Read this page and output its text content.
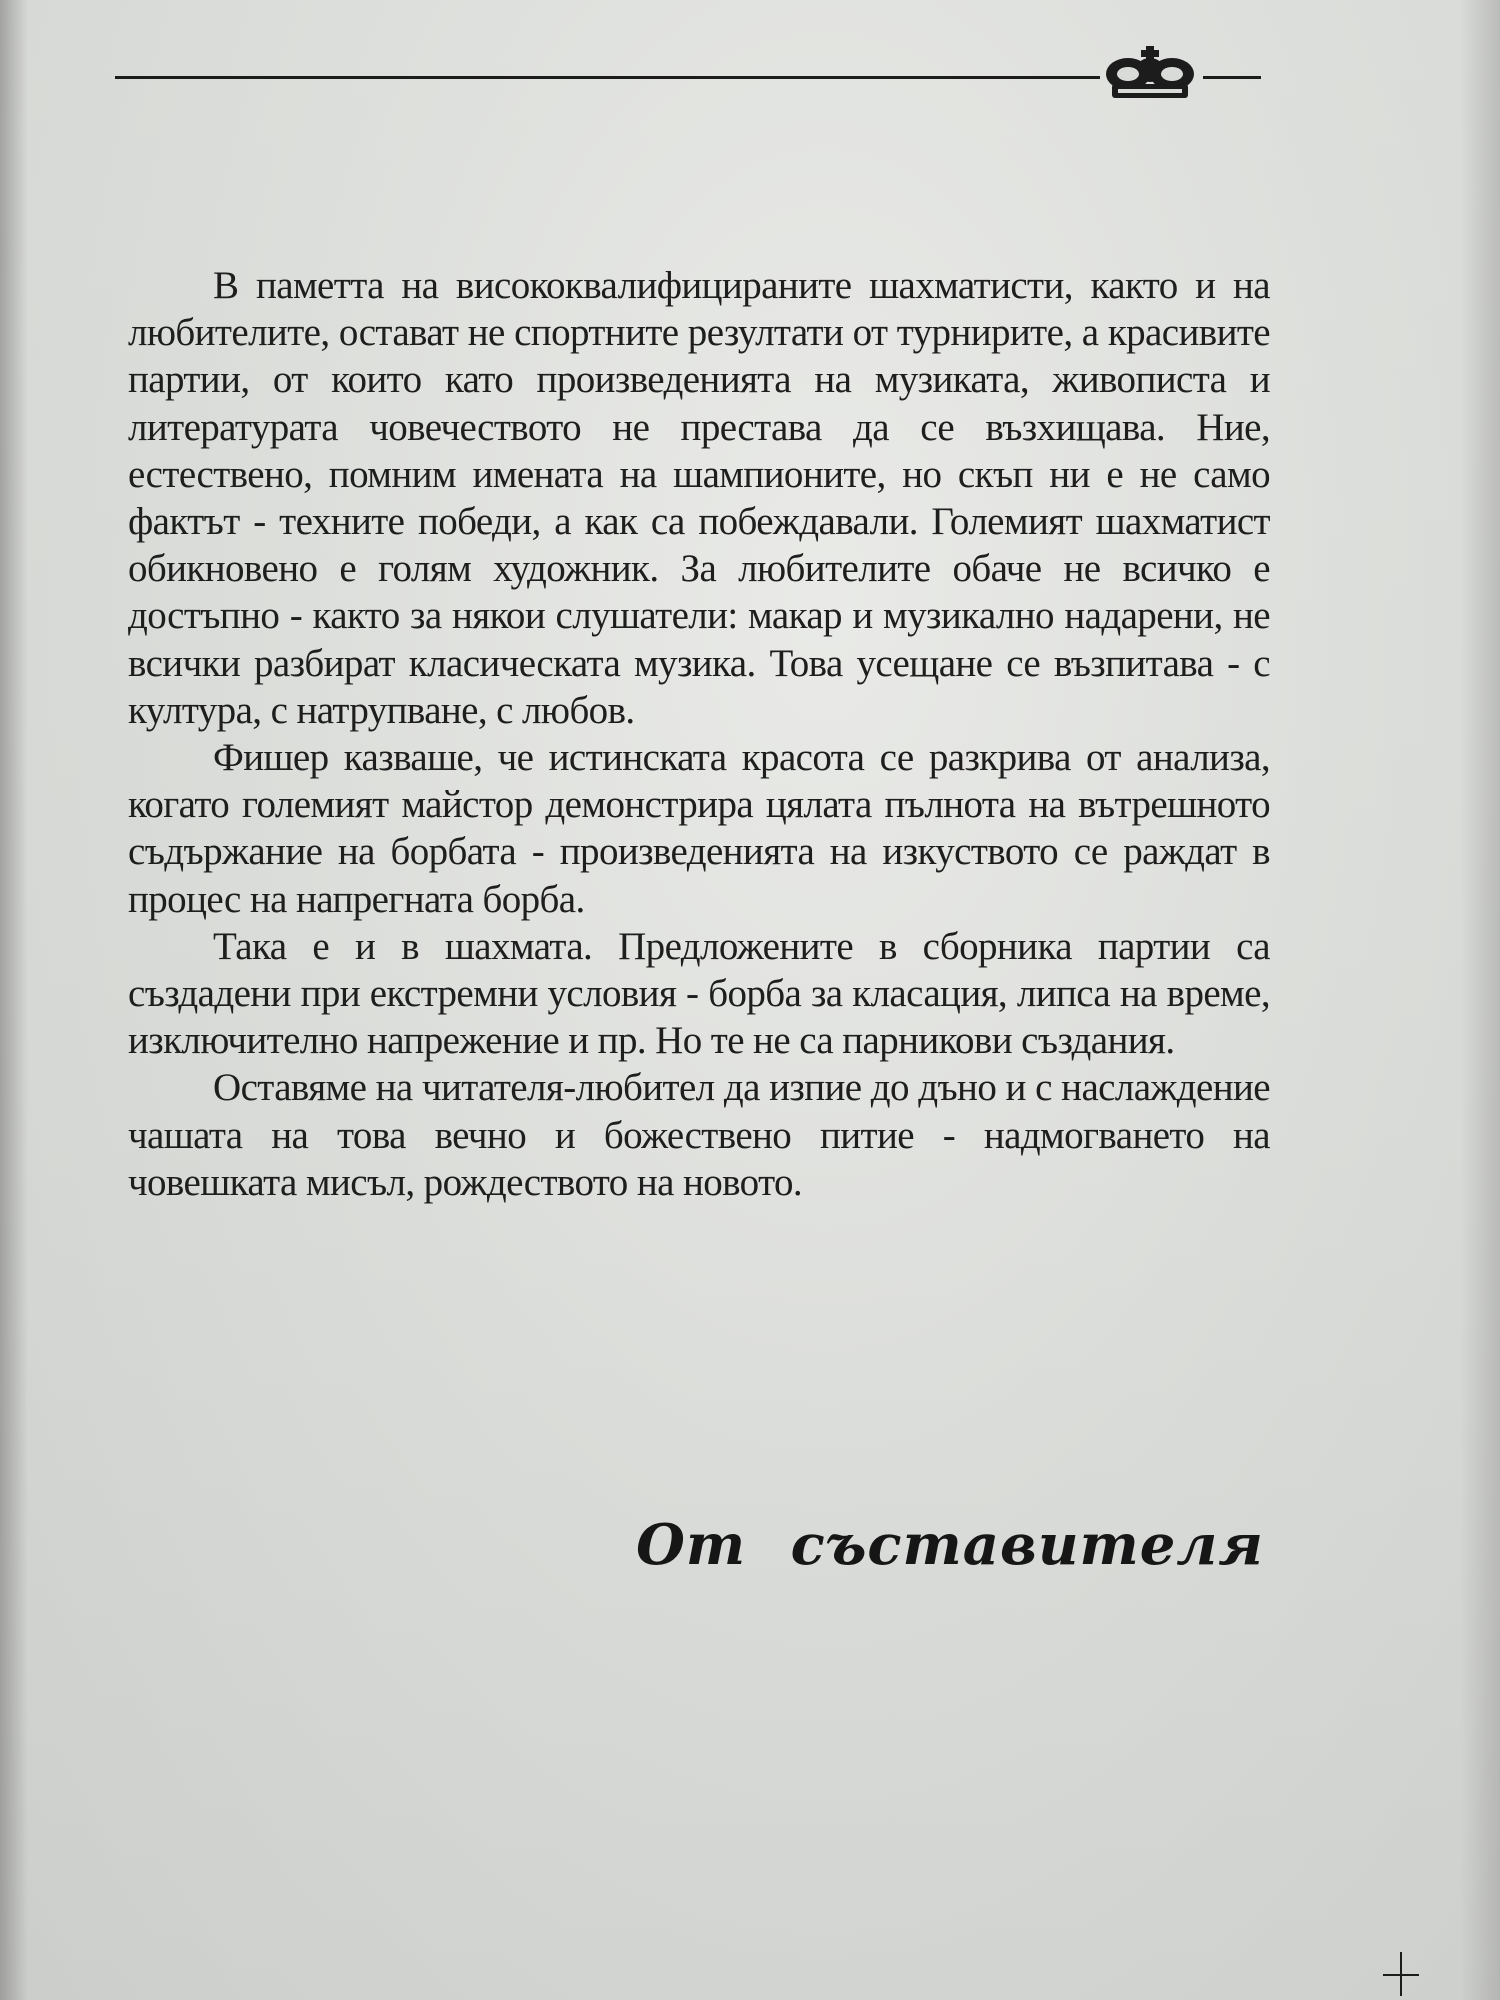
В паметта на висококвалифицираните шахматисти, както и на любителите, остават не спортните резултати от турнирите, а красивите партии, от които като произведенията на музиката, живописта и литературата човечеството не престава да се възхищава. Ние, естествено, помним имената на шампионите, но скъп ни е не само фактът - техните победи, а как са побеждавали. Големият шахматист обикновено е голям художник. За любителите обаче не всичко е достъпно - както за някои слушатели: макар и музикално надарени, не всички разбират класическата музика. Това усещане се възпитава - с култура, с натрупване, с любов.

Фишер казваше, че истинската красота се разкрива от анализа, когато големият майстор демонстрира цялата пълнота на вътрешното съдържание на борбата - произведенията на изкуството се раждат в процес на напрегната борба.

Така е и в шахмата. Предложените в сборника партии са създадени при екстремни условия - борба за класация, липса на време, изключително напрежение и пр. Но те не са парникови създания.

Оставяме на читателя-любител да изпие до дъно и с наслаждение чашата на това вечно и божествено питие - надмогването на човешката мисъл, рождеството на новото.

От съставителя
